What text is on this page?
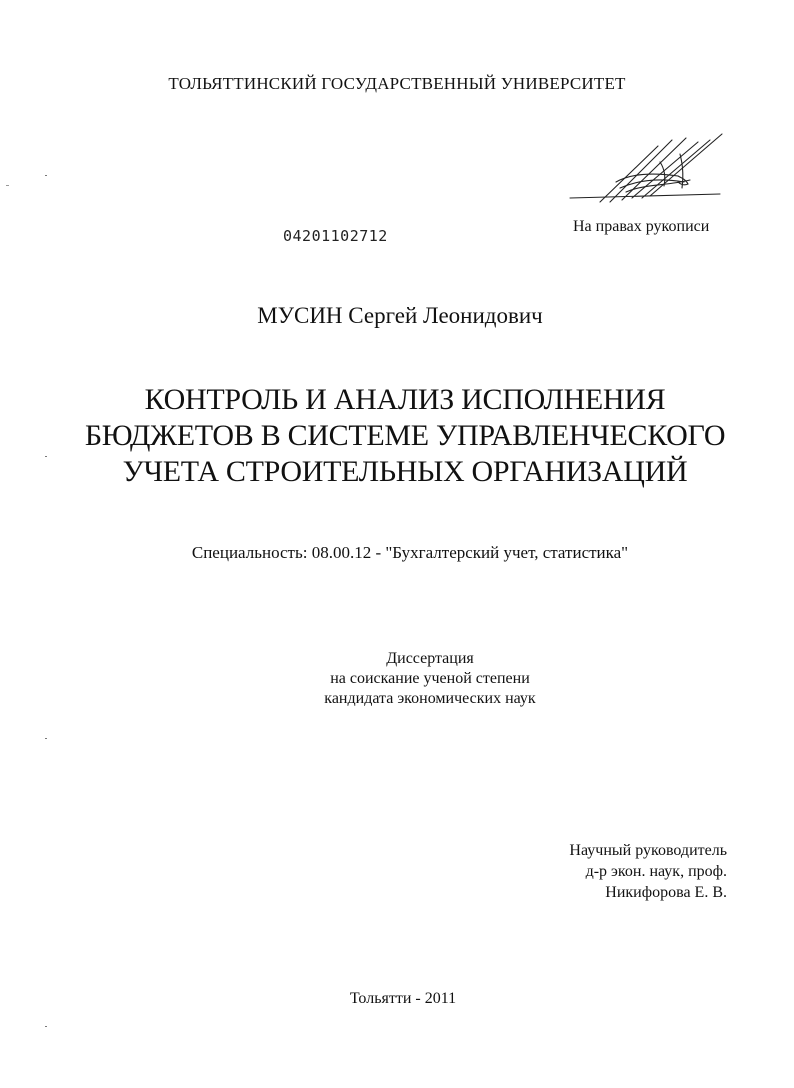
ТОЛЬЯТТИНСКИЙ ГОСУДАРСТВЕННЫЙ УНИВЕРСИТЕТ
На правах рукописи
04201102712
МУСИН Сергей Леонидович
КОНТРОЛЬ И АНАЛИЗ ИСПОЛНЕНИЯ
БЮДЖЕТОВ В СИСТЕМЕ УПРАВЛЕНЧЕСКОГО
УЧЕТА СТРОИТЕЛЬНЫХ ОРГАНИЗАЦИЙ
Специальность: 08.00.12 - "Бухгалтерский учет, статистика"
Диссертация
на соискание ученой степени
кандидата экономических наук
Научный руководитель
д-р экон. наук, проф.
Никифорова Е. В.
Тольятти - 2011
